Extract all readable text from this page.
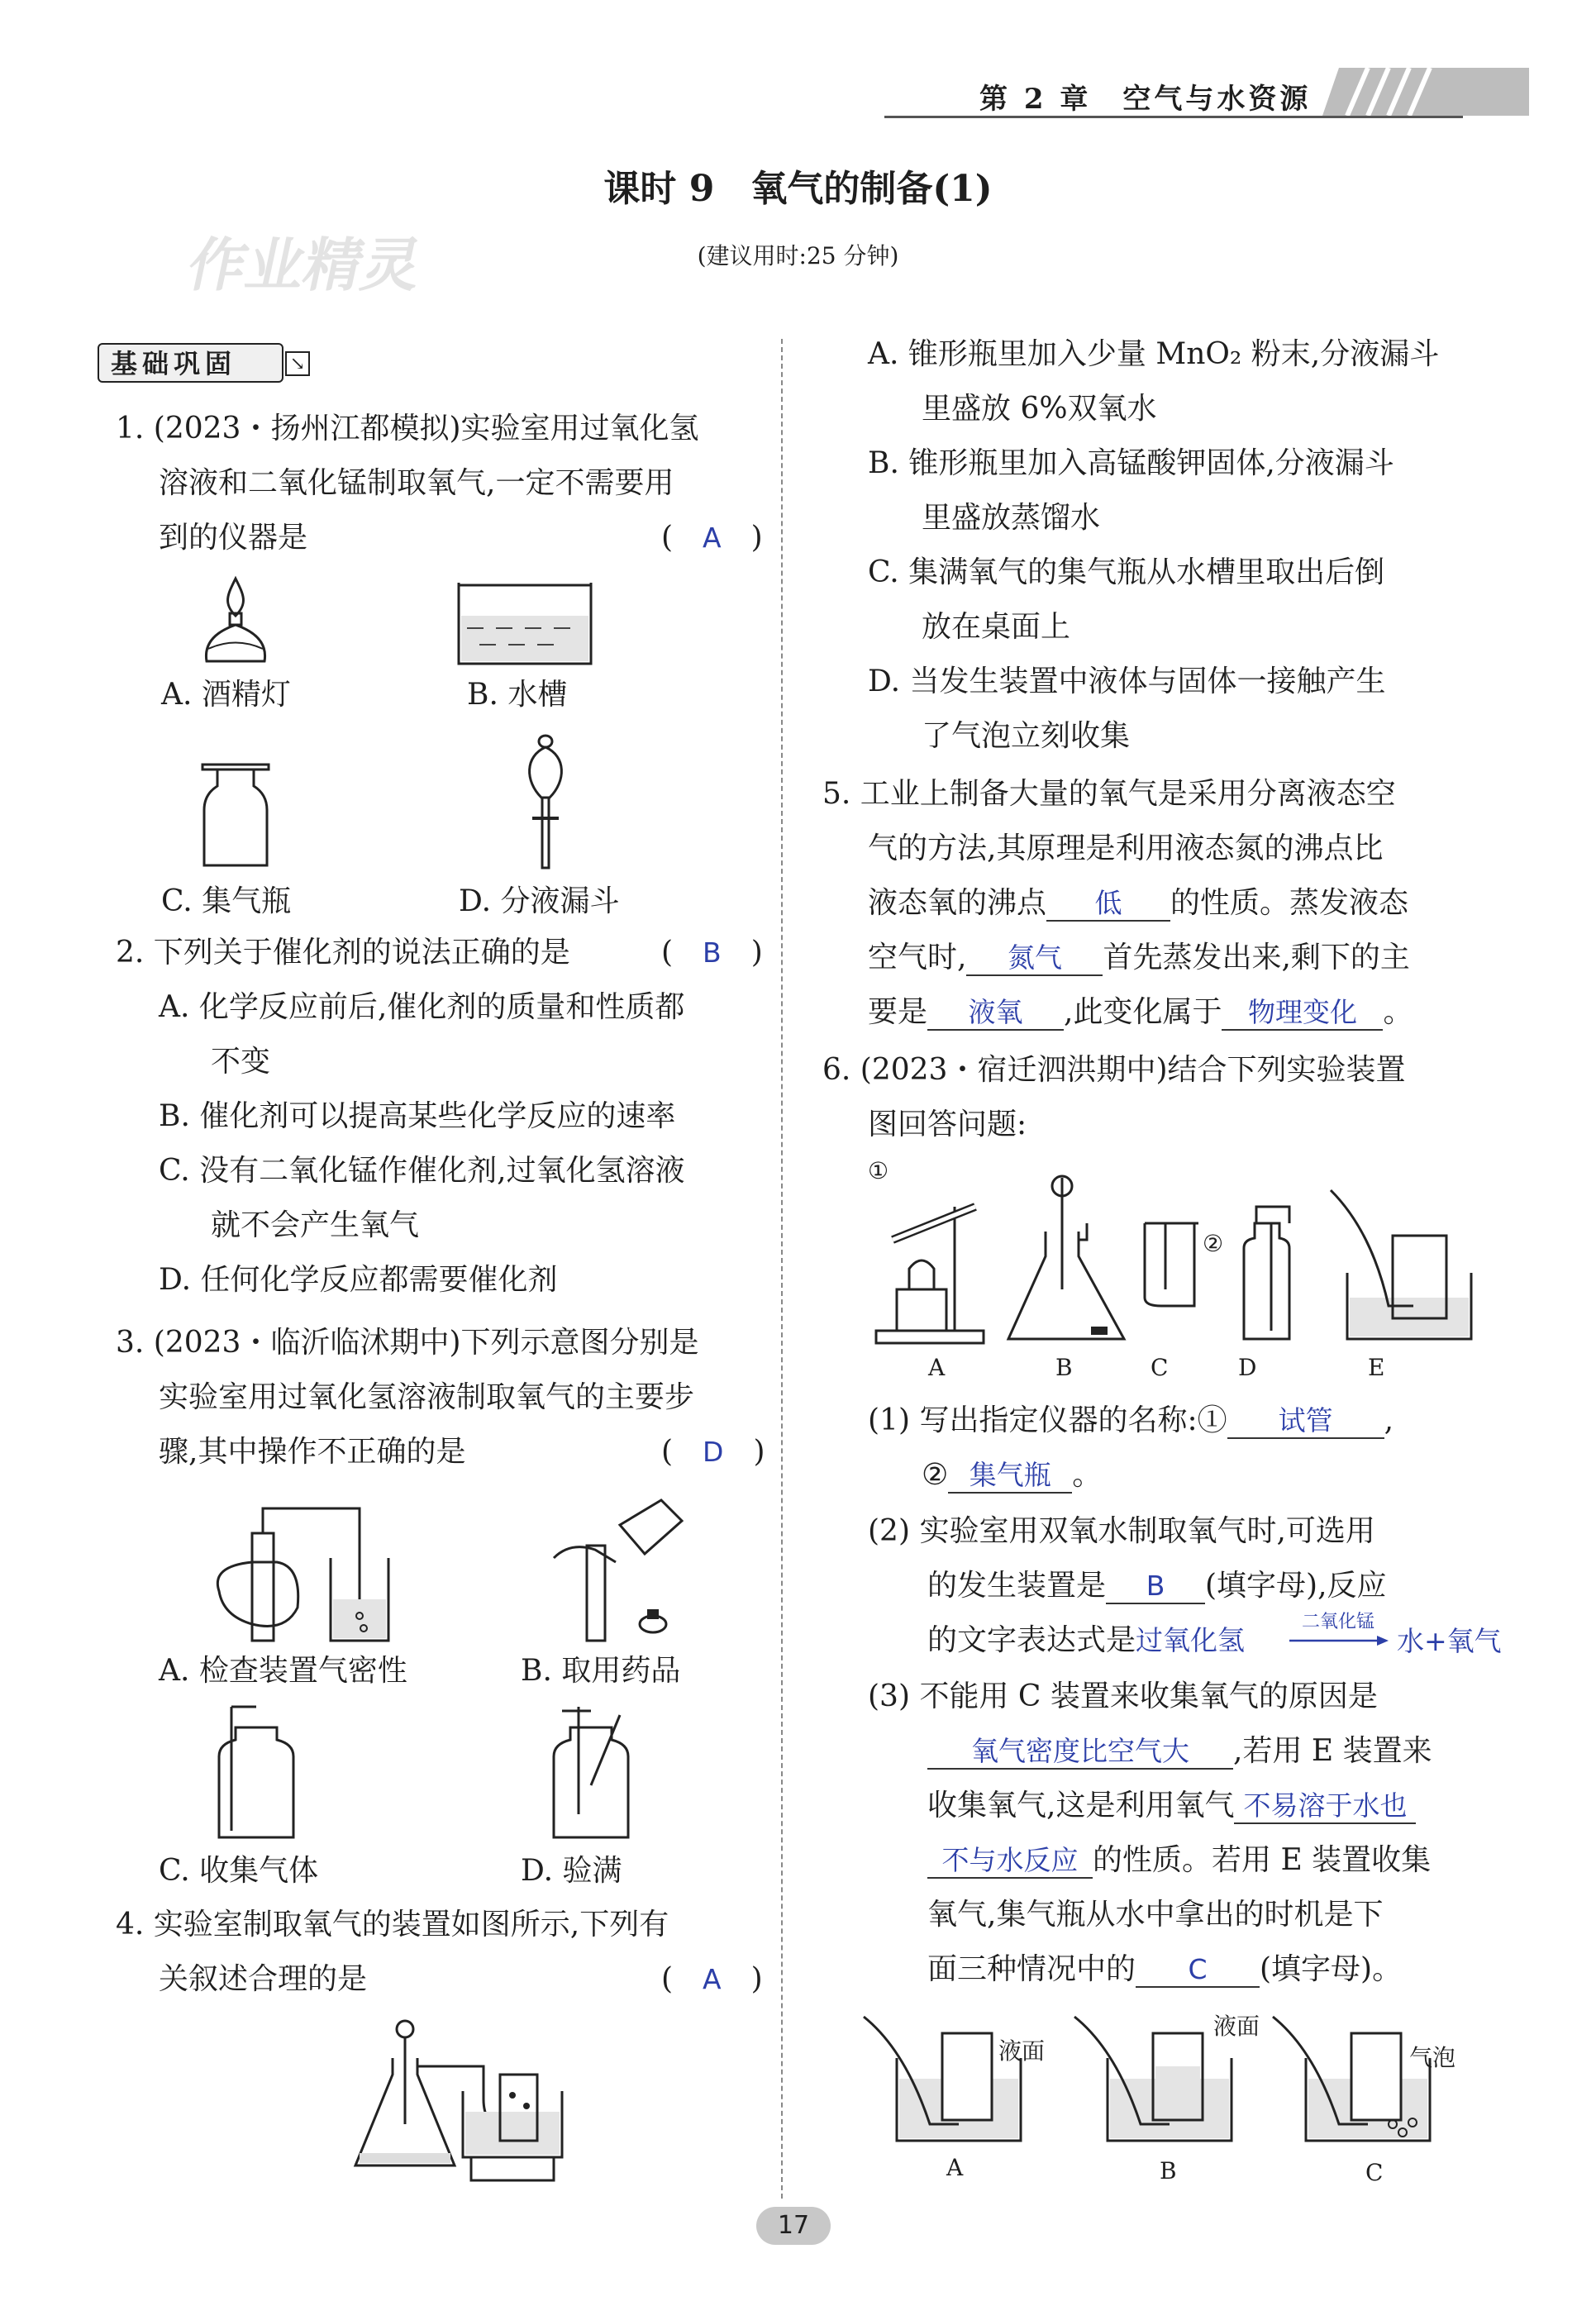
第 2 章　空气与水资源
课时 9　氧气的制备(1)
(建议用时:25 分钟)
作业精灵
基础巩固	↘
1. (2023・扬州江都模拟)实验室用过氧化氢
溶液和二氧化锰制取氧气,一定不需要用
到的仪器是	(　A　)
A. 酒精灯	B. 水槽
C. 集气瓶	D. 分液漏斗
2. 下列关于催化剂的说法正确的是	(　B　)
A. 化学反应前后,催化剂的质量和性质都
不变
B. 催化剂可以提高某些化学反应的速率
C. 没有二氧化锰作催化剂,过氧化氢溶液
就不会产生氧气
D. 任何化学反应都需要催化剂
3. (2023・临沂临沭期中)下列示意图分别是
实验室用过氧化氢溶液制取氧气的主要步
骤,其中操作不正确的是	(　D　)
A. 检查装置气密性	B. 取用药品
C. 收集气体	D. 验满
4. 实验室制取氧气的装置如图所示,下列有
关叙述合理的是	(　A　)
A. 锥形瓶里加入少量 MnO₂ 粉末,分液漏斗
里盛放 6%双氧水
B. 锥形瓶里加入高锰酸钾固体,分液漏斗
里盛放蒸馏水
C. 集满氧气的集气瓶从水槽里取出后倒
放在桌面上
D. 当发生装置中液体与固体一接触产生
了气泡立刻收集
5. 工业上制备大量的氧气是采用分离液态空
气的方法,其原理是利用液态氮的沸点比
液态氧的沸点 低 的性质。蒸发液态
空气时, 氮气 首先蒸发出来,剩下的主
要是 液氧 ,此变化属于 物理变化 。
6. (2023・宿迁泗洪期中)结合下列实验装置
图回答问题:
①
②
A	B	C	D	E
(1) 写出指定仪器的名称:① 试管 ,
② 集气瓶 。
(2) 实验室用双氧水制取氧气时,可选用
的发生装置是 B (填字母),反应
的文字表达式是过氧化氢
二氧化锰
水+氧气
(3) 不能用 C 装置来收集氧气的原因是
氧气密度比空气大 ,若用 E 装置来
收集氧气,这是利用氧气 不易溶于水也
不与水反应 的性质。若用 E 装置收集
氧气,集气瓶从水中拿出的时机是下
面三种情况中的 C (填字母)。
液面
液面
气泡
A	B	C
17
